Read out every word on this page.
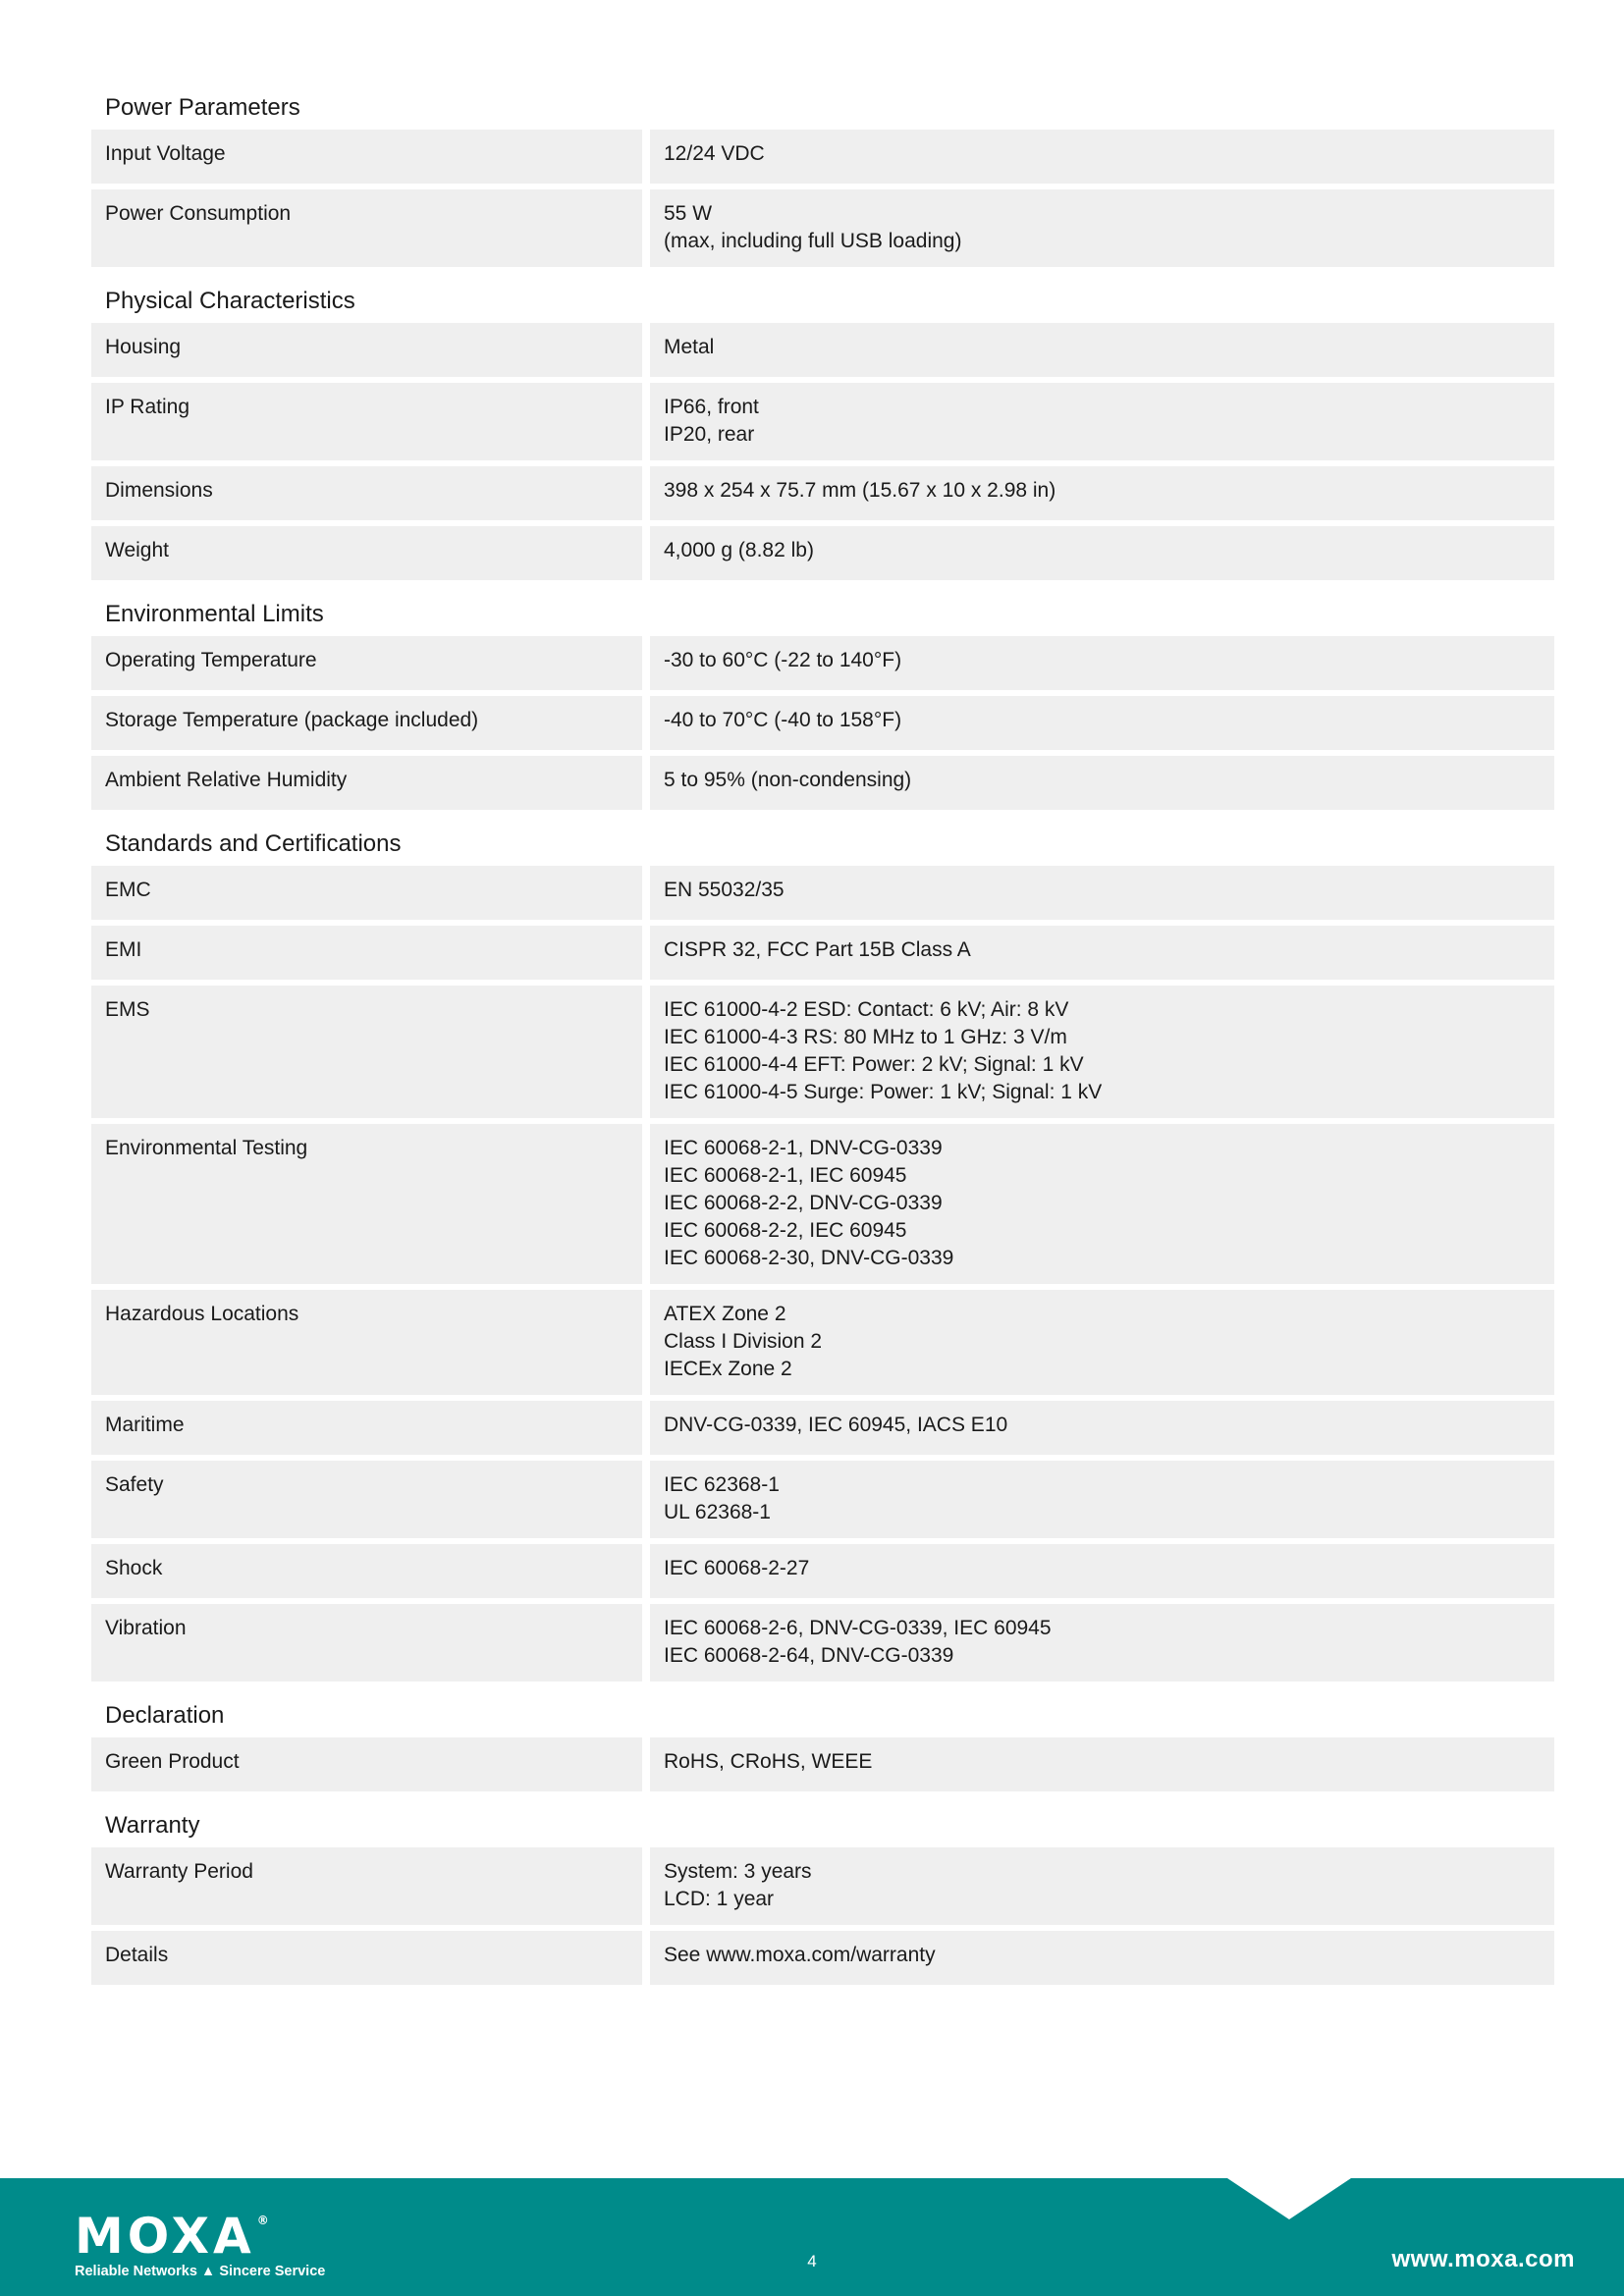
Power Parameters
Input Voltage	12/24 VDC
Power Consumption	55 W
(max, including full USB loading)
Physical Characteristics
Housing	Metal
IP Rating	IP66, front
IP20, rear
Dimensions	398 x 254 x 75.7 mm (15.67 x 10 x 2.98 in)
Weight	4,000 g (8.82 lb)
Environmental Limits
Operating Temperature	-30 to 60°C (-22 to 140°F)
Storage Temperature (package included)	-40 to 70°C (-40 to 158°F)
Ambient Relative Humidity	5 to 95% (non-condensing)
Standards and Certifications
EMC	EN 55032/35
EMI	CISPR 32, FCC Part 15B Class A
EMS	IEC 61000-4-2 ESD: Contact: 6 kV; Air: 8 kV
IEC 61000-4-3 RS: 80 MHz to 1 GHz: 3 V/m
IEC 61000-4-4 EFT: Power: 2 kV; Signal: 1 kV
IEC 61000-4-5 Surge: Power: 1 kV; Signal: 1 kV
Environmental Testing	IEC 60068-2-1, DNV-CG-0339
IEC 60068-2-1, IEC 60945
IEC 60068-2-2, DNV-CG-0339
IEC 60068-2-2, IEC 60945
IEC 60068-2-30, DNV-CG-0339
Hazardous Locations	ATEX Zone 2
Class I Division 2
IECEx Zone 2
Maritime	DNV-CG-0339, IEC 60945, IACS E10
Safety	IEC 62368-1
UL 62368-1
Shock	IEC 60068-2-27
Vibration	IEC 60068-2-6, DNV-CG-0339, IEC 60945
IEC 60068-2-64, DNV-CG-0339
Declaration
Green Product	RoHS, CRoHS, WEEE
Warranty
Warranty Period	System: 3 years
LCD: 1 year
Details	See www.moxa.com/warranty
MOXA ®
Reliable Networks ▲ Sincere Service
4	www.moxa.com
